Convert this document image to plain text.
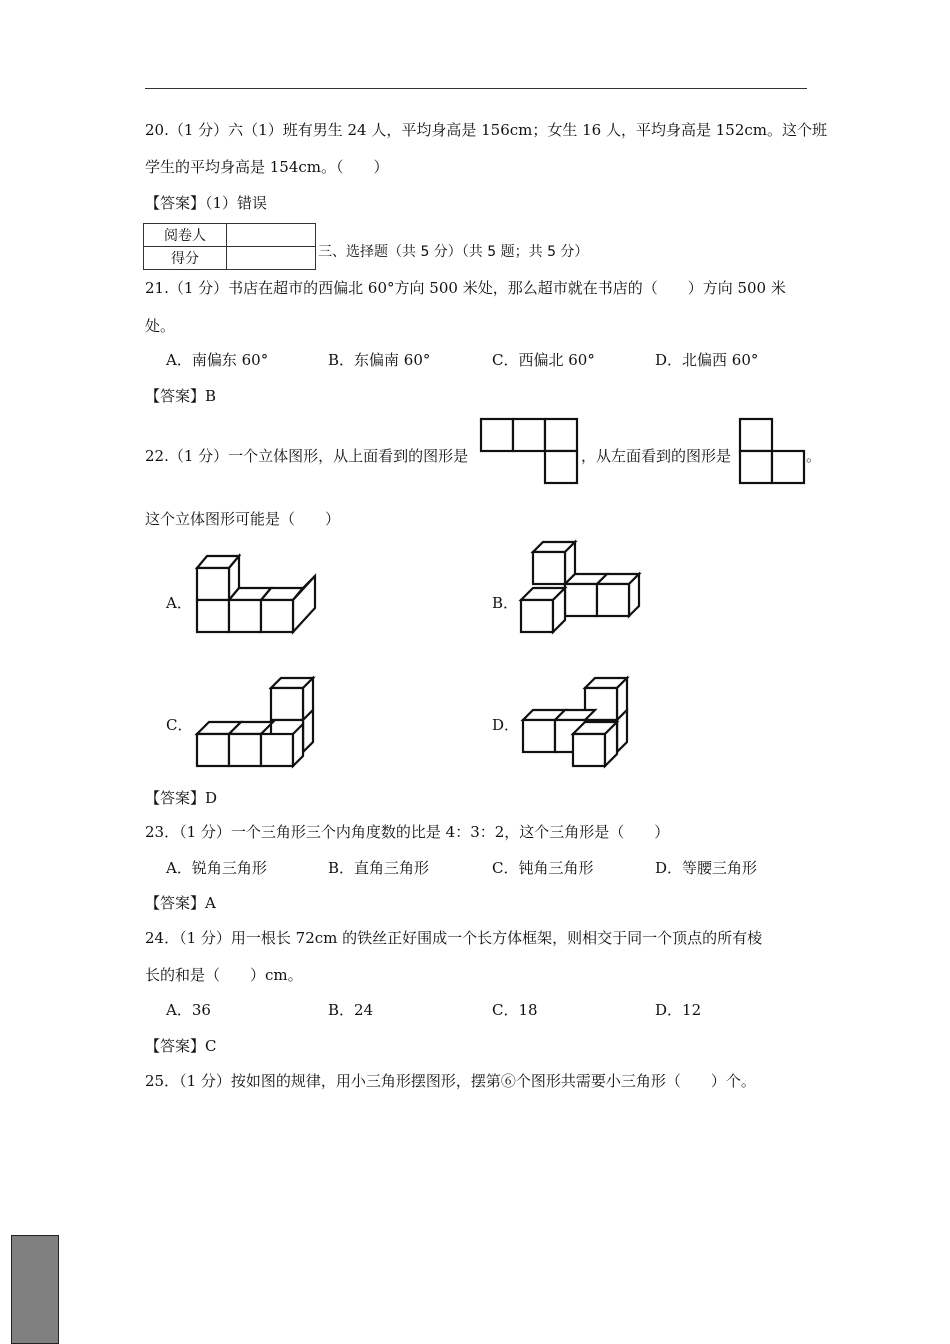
20.（1 分）六（1）班有男生 24 人，平均身高是 156cm；女生 16 人，平均身高是 152cm。这个班
学生的平均身高是 154cm。（　　）
【答案】（1）错误
阅卷人	
得分		三、选择题（共 5 分）（共 5 题；共 5 分）
21.（1 分）书店在超市的西偏北 60°方向 500 米处，那么超市就在书店的（　　）方向 500 米
处。
A．南偏东 60°	B．东偏南 60°	C．西偏北 60°	D．北偏西 60°
【答案】B
22.（1 分）一个立体图形，从上面看到的图形是	，从左面看到的图形是	。
这个立体图形可能是（　　）
A．	B．
C．	D．
【答案】D
23．（1 分）一个三角形三个内角度数的比是 4：3：2，这个三角形是（　　）
A．锐角三角形	B．直角三角形	C．钝角三角形	D．等腰三角形
【答案】A
24．（1 分）用一根长 72cm 的铁丝正好围成一个长方体框架，则相交于同一个顶点的所有棱
长的和是（　　）cm。
A．36	B．24	C．18	D．12
【答案】C
25．（1 分）按如图的规律，用小三角形摆图形，摆第⑥个图形共需要小三角形（　　）个。
